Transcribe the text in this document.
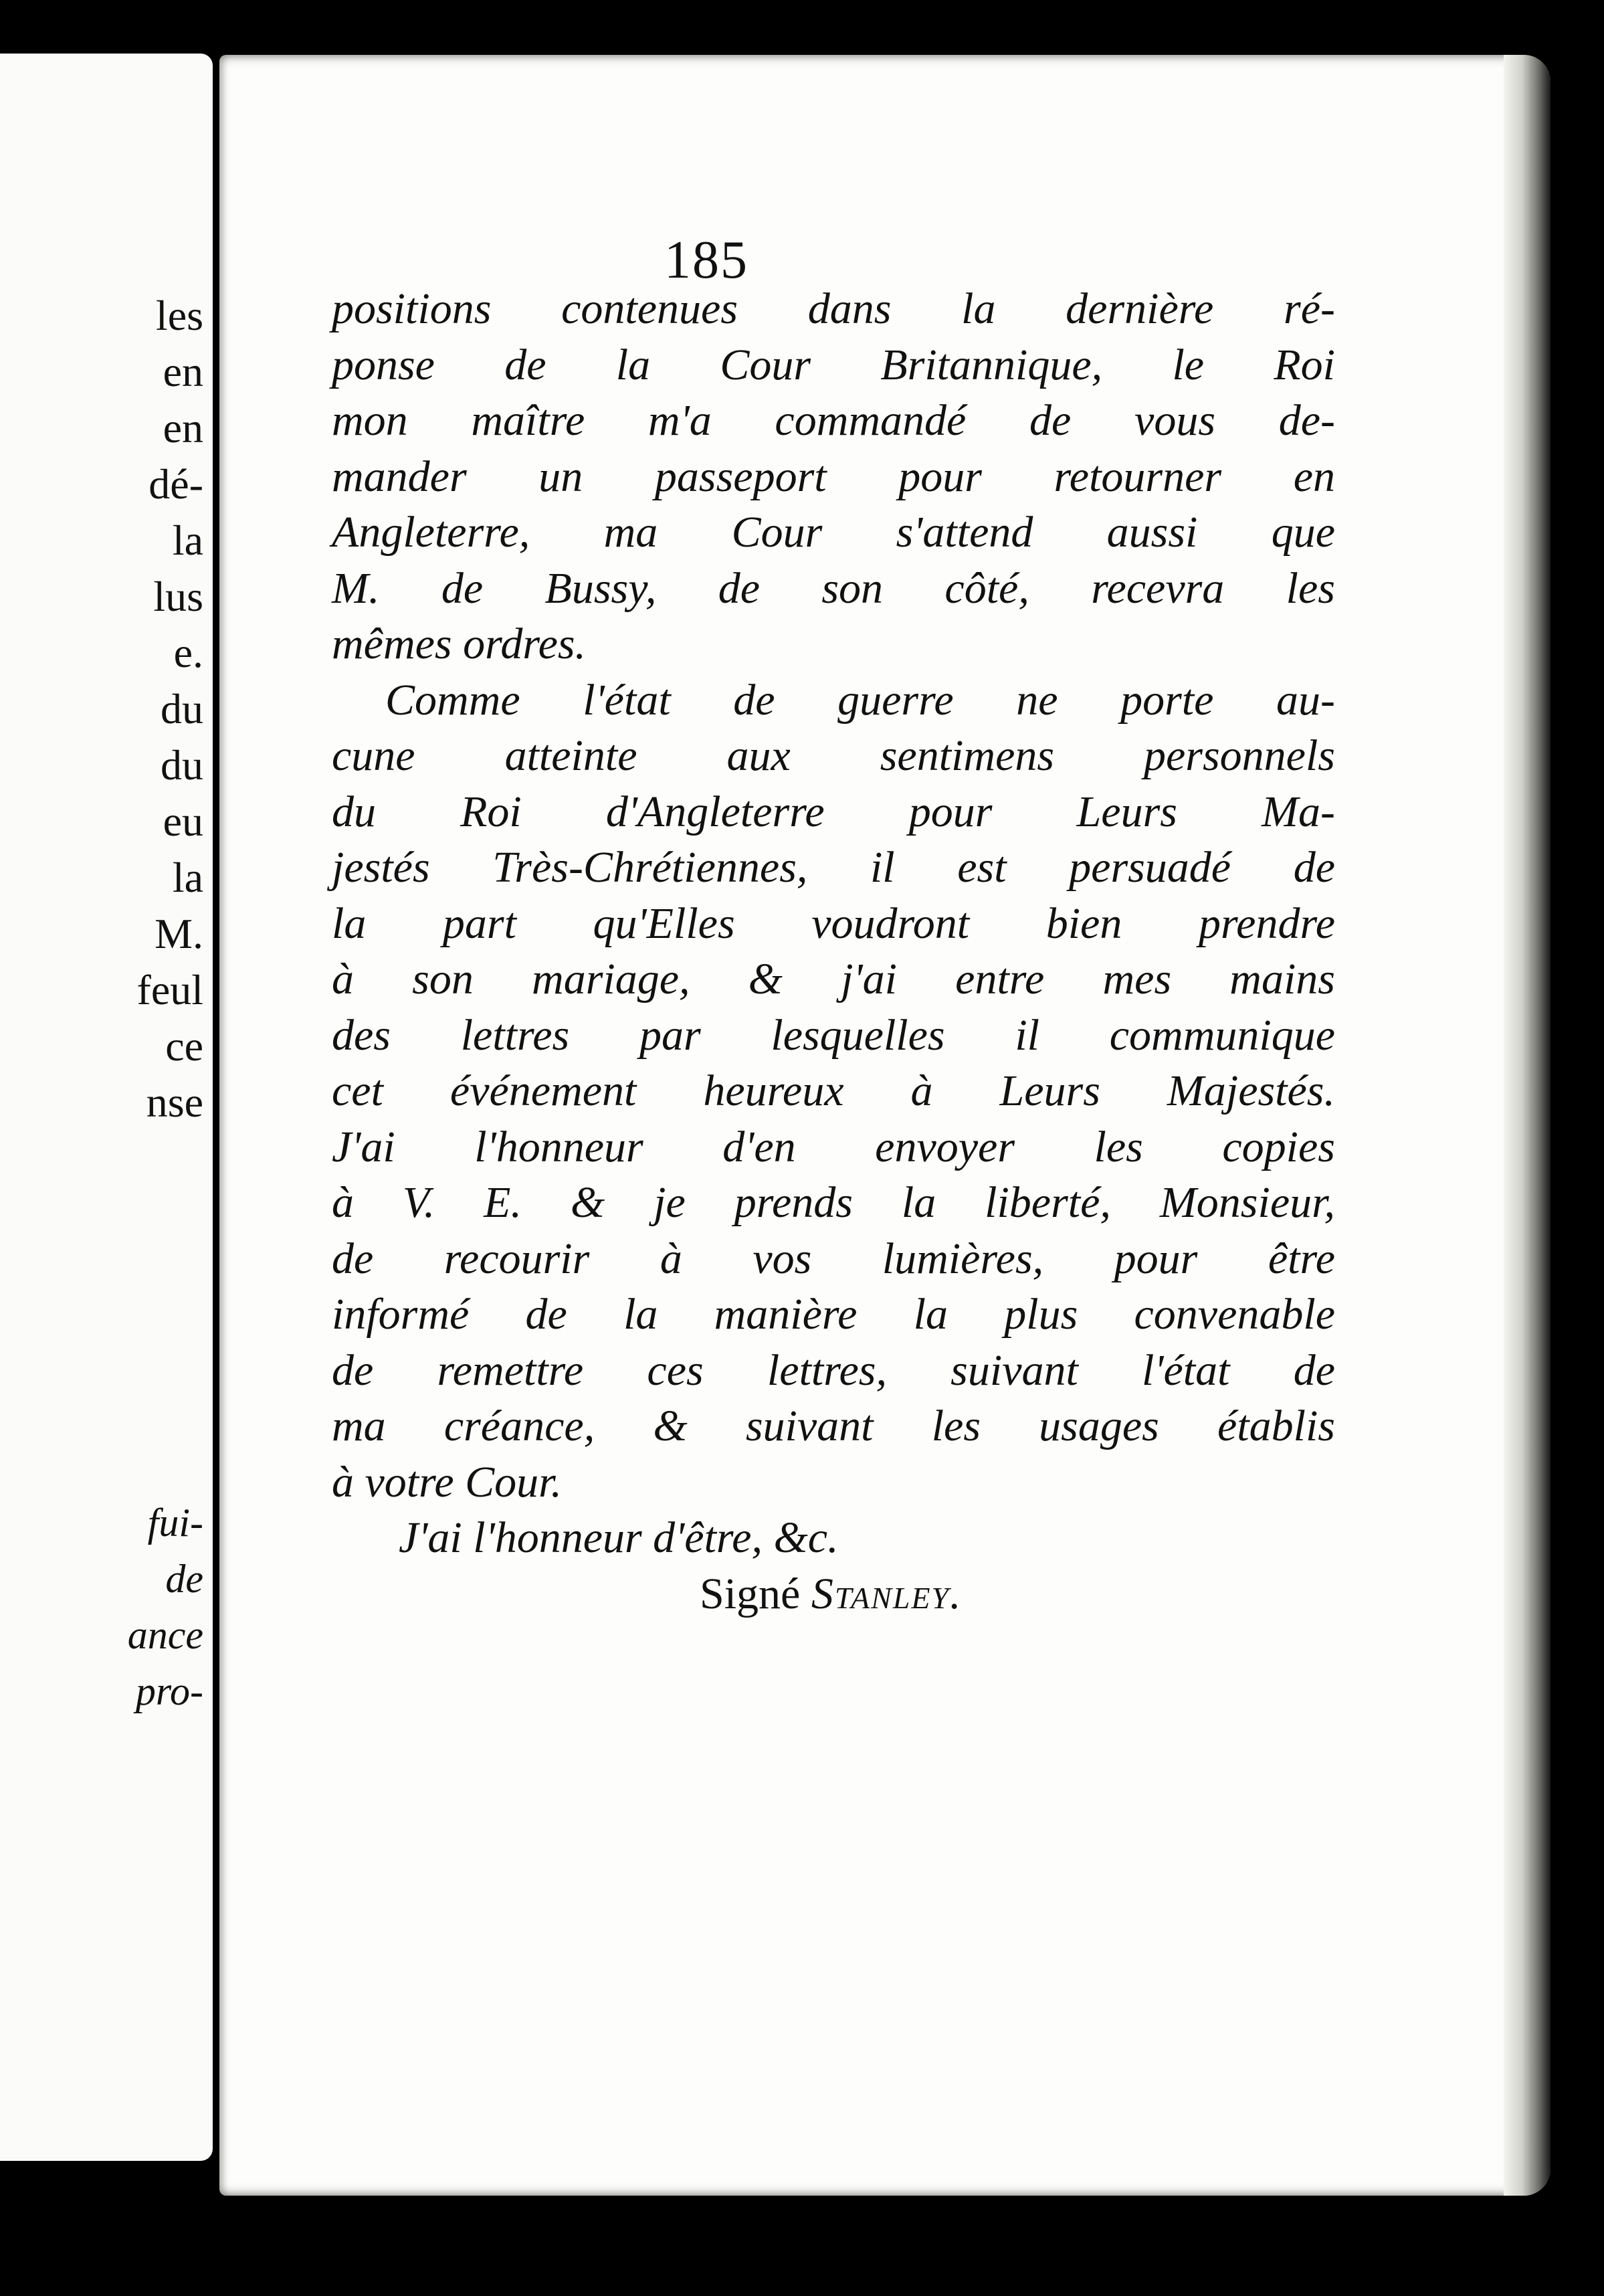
les
en
en
dé-
la
lus
e.
du
du
eu
la
M.
feul
ce
nse
fui-
de
ance
pro-
185
positions contenues dans la dernière ré-
ponse de la Cour Britannique, le Roi
mon maître m'a commandé de vous de-
mander un passeport pour retourner en
Angleterre, ma Cour s'attend aussi que
M. de Bussy, de son côté, recevra les
mêmes ordres.
Comme l'état de guerre ne porte au-
cune atteinte aux sentimens personnels
du Roi d'Angleterre pour Leurs Ma-
jestés Très-Chrétiennes, il est persuadé de
la part qu'Elles voudront bien prendre
à son mariage, & j'ai entre mes mains
des lettres par lesquelles il communique
cet événement heureux à Leurs Majestés.
J'ai l'honneur d'en envoyer les copies
à V. E. & je prends la liberté, Monsieur,
de recourir à vos lumières, pour être
informé de la manière la plus convenable
de remettre ces lettres, suivant l'état de
ma créance, & suivant les usages établis
à votre Cour.
J'ai l'honneur d'être, &c.
Signé Stanley.
